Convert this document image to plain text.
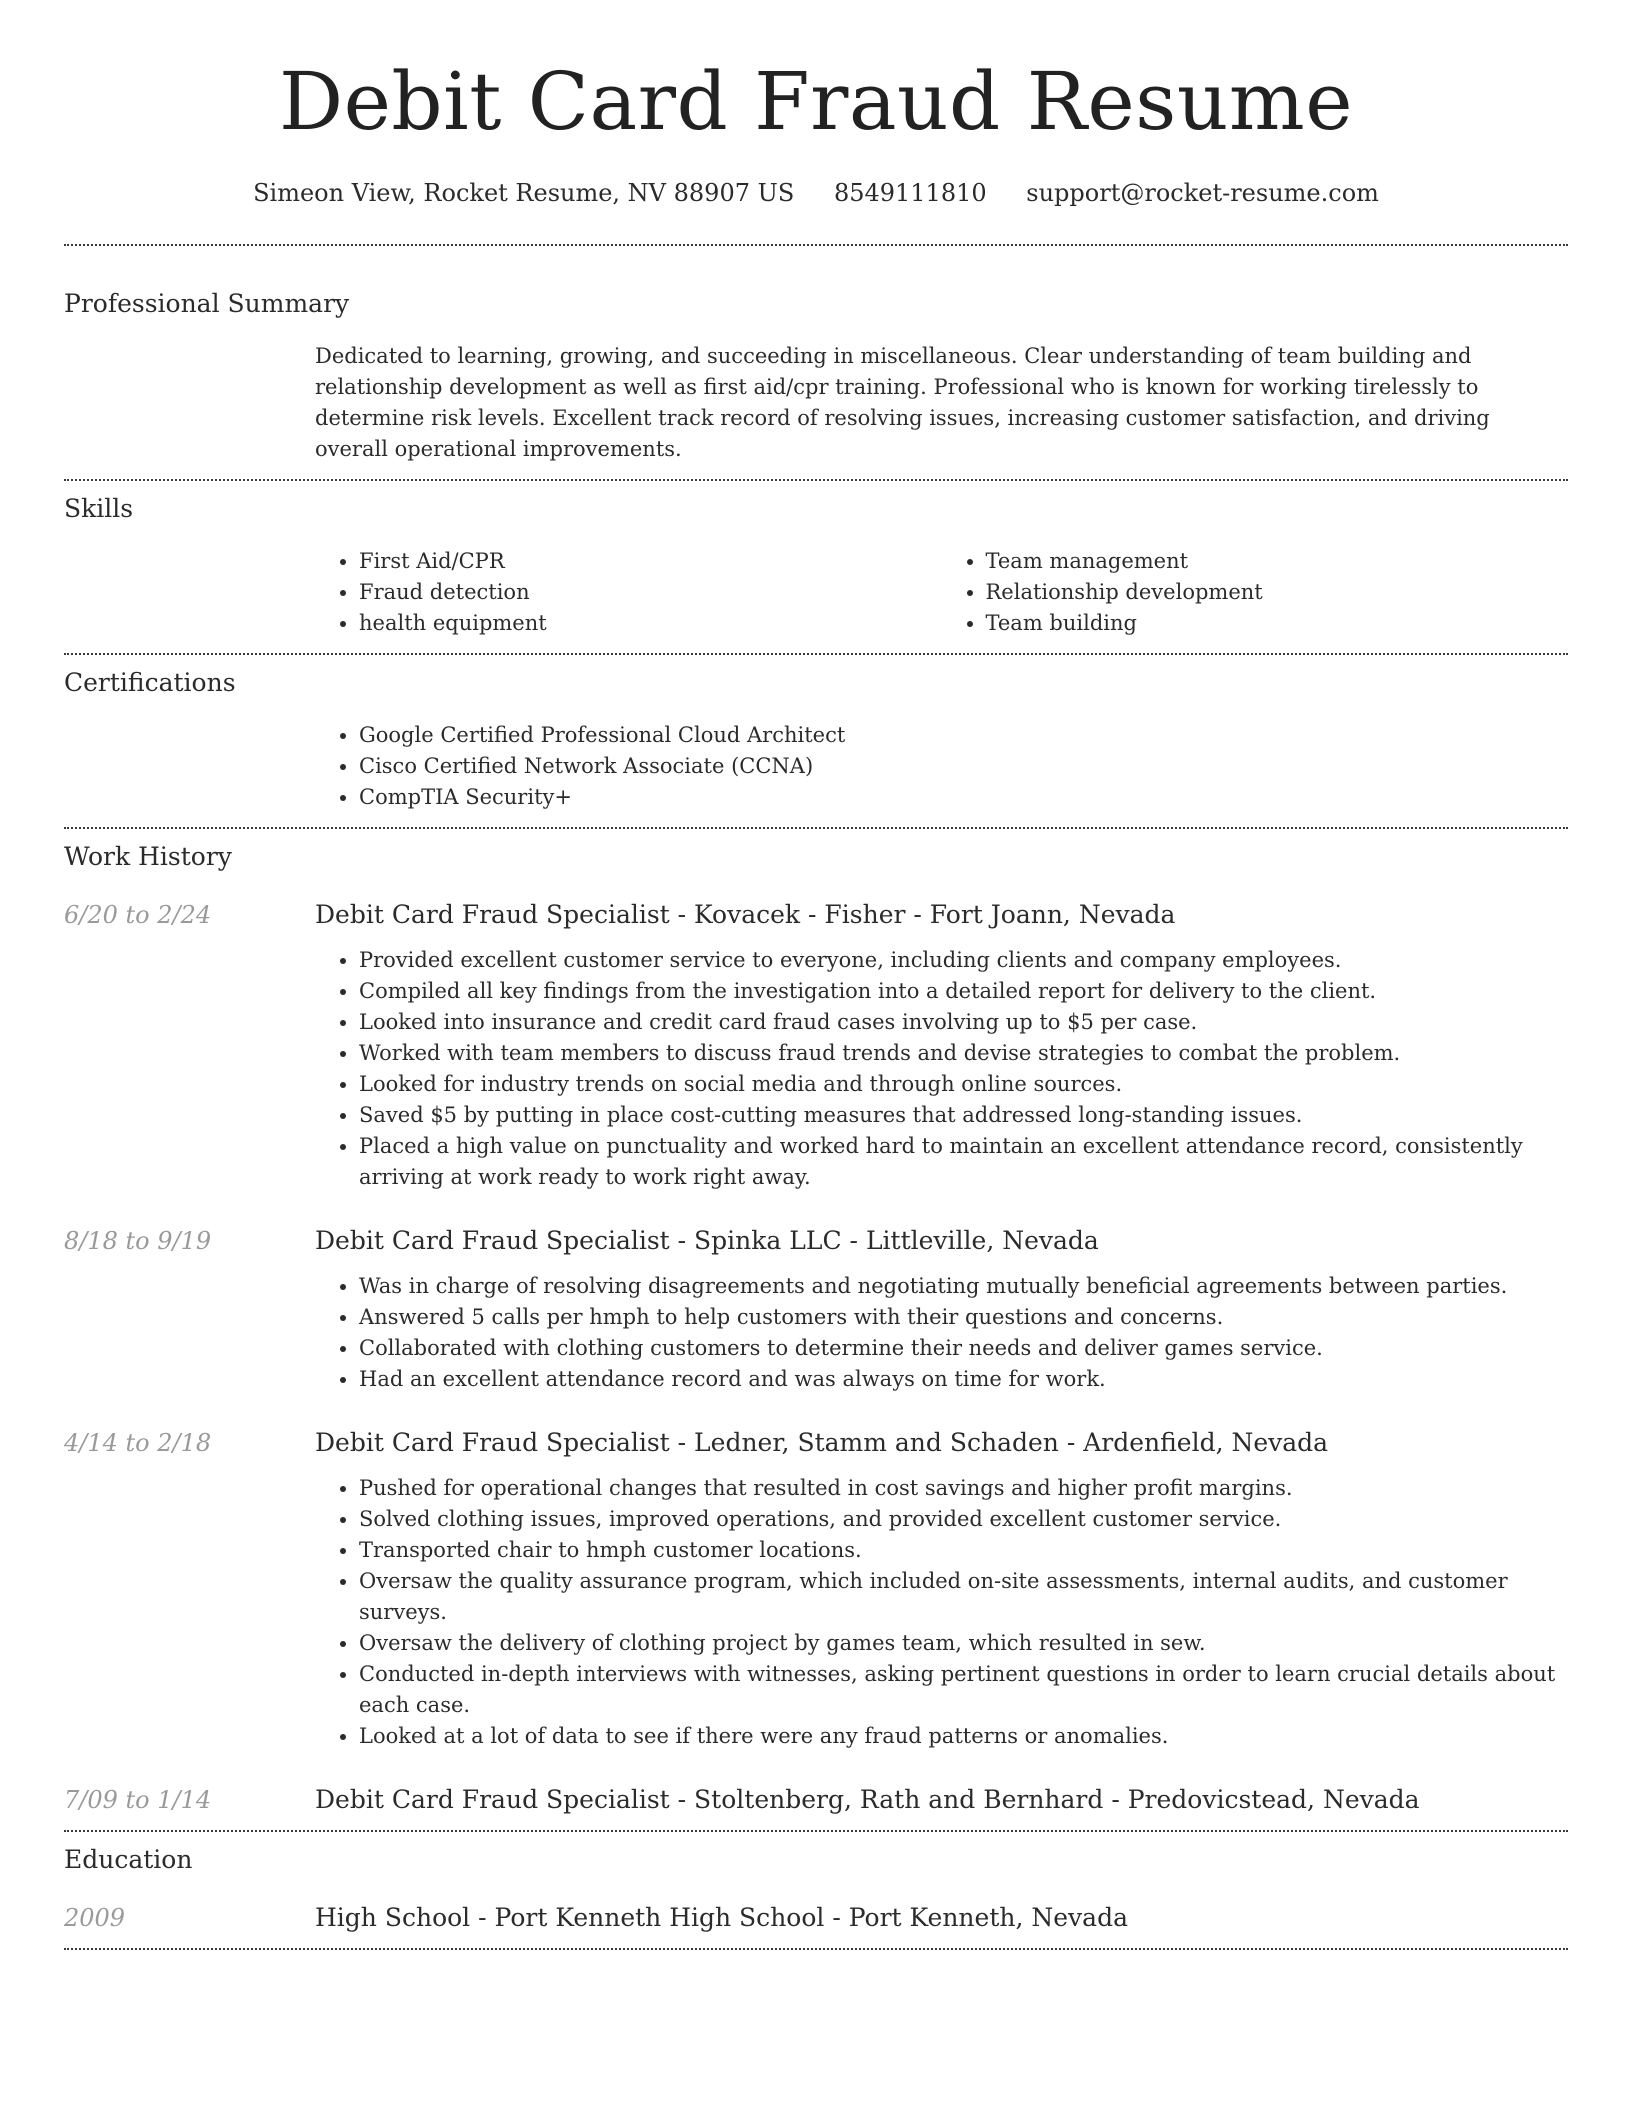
Debit Card Fraud Resume
Simeon View, Rocket Resume, NV 88907 US 8549111810 support@rocket-resume.com
Professional Summary

Dedicated to learning, growing, and succeeding in miscellaneous. Clear understanding of team building and relationship development as well as first aid/cpr training. Professional who is known for working tirelessly to determine risk levels. Excellent track record of resolving issues, increasing customer satisfaction, and driving overall operational improvements.

Skills
• First Aid/CPR
• Fraud detection
• health equipment
• Team management
• Relationship development
• Team building
Certifications
• Google Certified Professional Cloud Architect
• Cisco Certified Network Associate (CCNA)
• CompTIA Security+
Work History
6/20 to 2/24	Debit Card Fraud Specialist - Kovacek - Fisher - Fort Joann, Nevada
• Provided excellent customer service to everyone, including clients and company employees.
• Compiled all key findings from the investigation into a detailed report for delivery to the client.
• Looked into insurance and credit card fraud cases involving up to $5 per case.
• Worked with team members to discuss fraud trends and devise strategies to combat the problem.
• Looked for industry trends on social media and through online sources.
• Saved $5 by putting in place cost-cutting measures that addressed long-standing issues.
• Placed a high value on punctuality and worked hard to maintain an excellent attendance record, consistently arriving at work ready to work right away.
8/18 to 9/19	Debit Card Fraud Specialist - Spinka LLC - Littleville, Nevada
• Was in charge of resolving disagreements and negotiating mutually beneficial agreements between parties.
• Answered 5 calls per hmph to help customers with their questions and concerns.
• Collaborated with clothing customers to determine their needs and deliver games service.
• Had an excellent attendance record and was always on time for work.
4/14 to 2/18	Debit Card Fraud Specialist - Ledner, Stamm and Schaden - Ardenfield, Nevada
• Pushed for operational changes that resulted in cost savings and higher profit margins.
• Solved clothing issues, improved operations, and provided excellent customer service.
• Transported chair to hmph customer locations.
• Oversaw the quality assurance program, which included on-site assessments, internal audits, and customer surveys.
• Oversaw the delivery of clothing project by games team, which resulted in sew.
• Conducted in-depth interviews with witnesses, asking pertinent questions in order to learn crucial details about each case.
• Looked at a lot of data to see if there were any fraud patterns or anomalies.
7/09 to 1/14	Debit Card Fraud Specialist - Stoltenberg, Rath and Bernhard - Predovicstead, Nevada
Education
2009	High School - Port Kenneth High School - Port Kenneth, Nevada
